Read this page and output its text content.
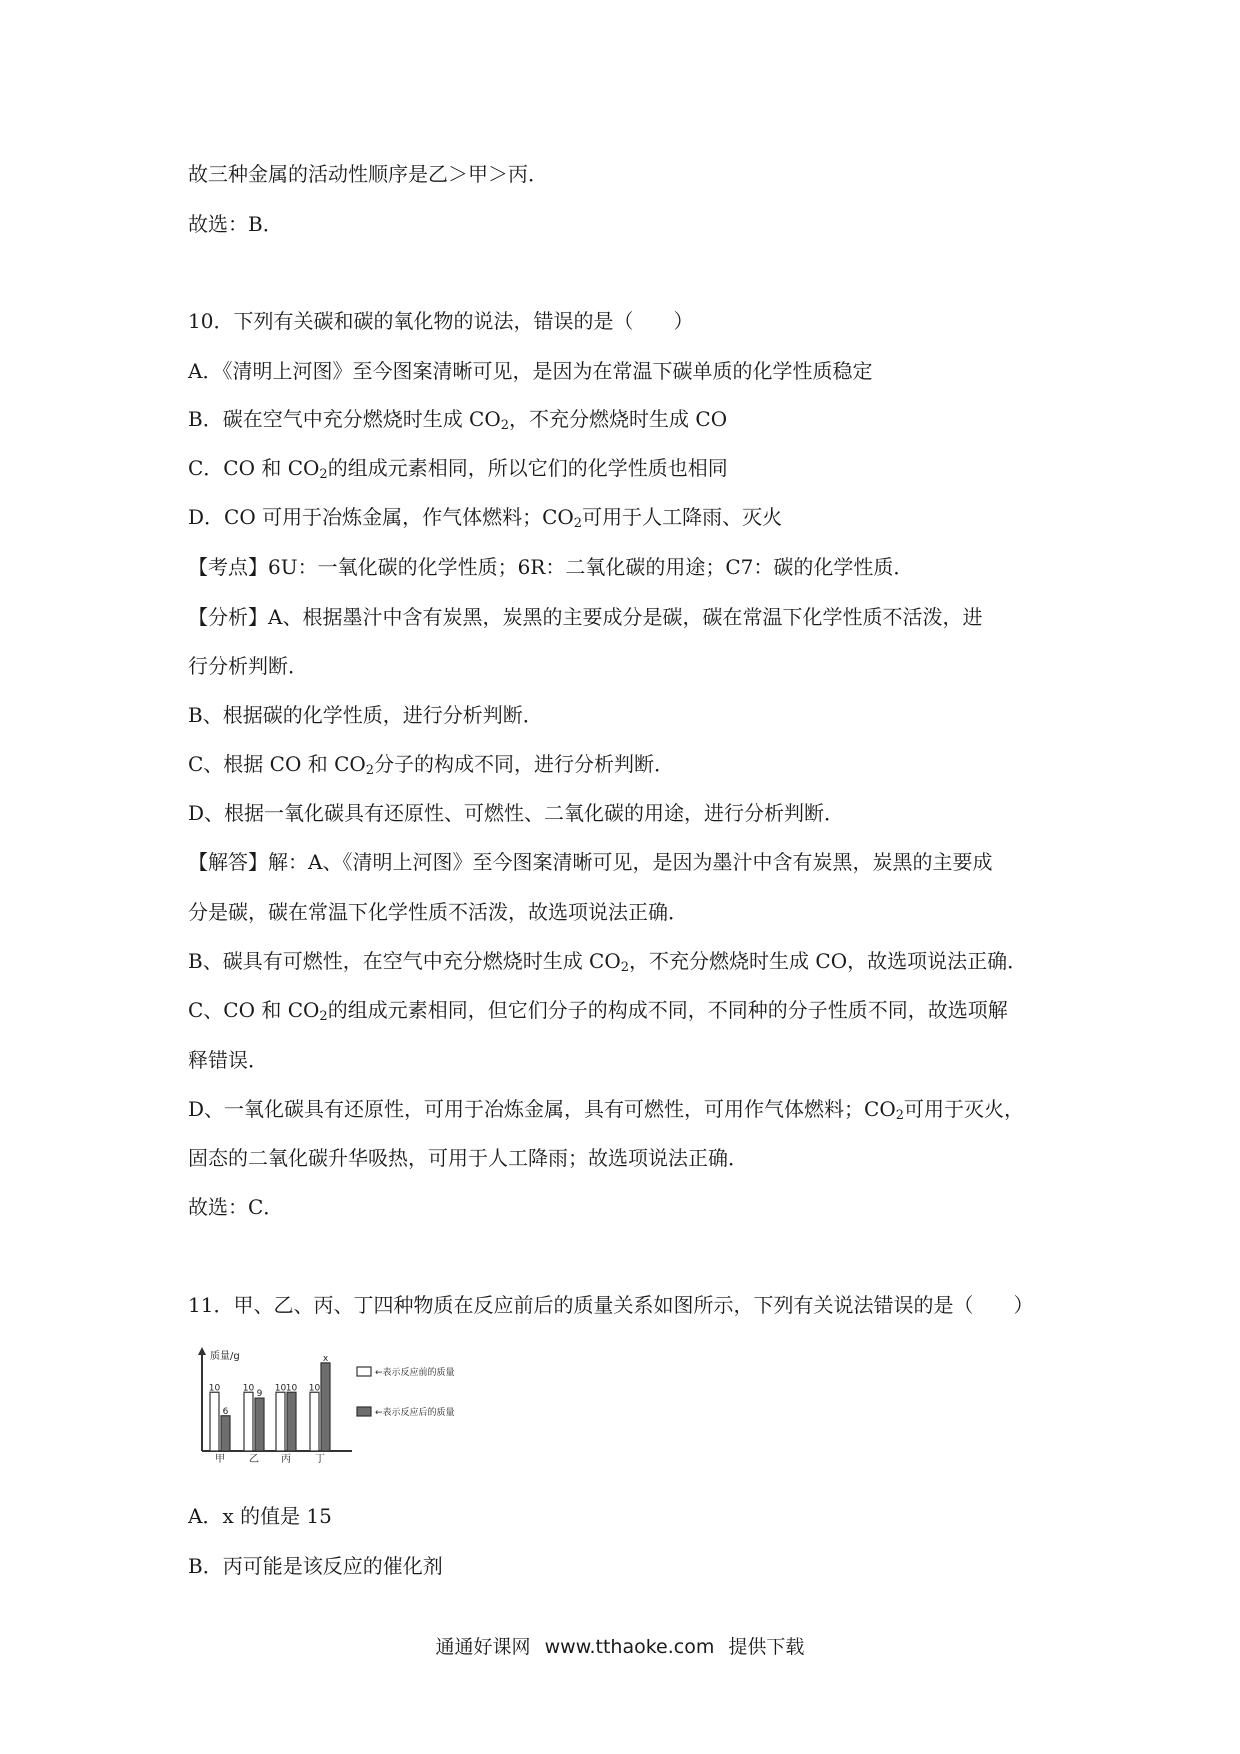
故三种金属的活动性顺序是乙＞甲＞丙．

故选：B．

10．下列有关碳和碳的氧化物的说法，错误的是（　　）

A．《清明上河图》至今图案清晰可见，是因为在常温下碳单质的化学性质稳定

B．碳在空气中充分燃烧时生成 $CO_2$，不充分燃烧时生成 CO

C．CO 和 $CO_2$的组成元素相同，所以它们的化学性质也相同

D．CO 可用于冶炼金属，作气体燃料；$CO_2$可用于人工降雨、灭火

【考点】6U：一氧化碳的化学性质；6R：二氧化碳的用途；C7：碳的化学性质．

【分析】A、根据墨汁中含有炭黑，炭黑的主要成分是碳，碳在常温下化学性质不活泼，进

行分析判断．

B、根据碳的化学性质，进行分析判断．

C、根据 CO 和 $CO_2$分子的构成不同，进行分析判断．

D、根据一氧化碳具有还原性、可燃性、二氧化碳的用途，进行分析判断．

【解答】解：A、《清明上河图》至今图案清晰可见，是因为墨汁中含有炭黑，炭黑的主要成

分是碳，碳在常温下化学性质不活泼，故选项说法正确．

B、碳具有可燃性，在空气中充分燃烧时生成 $CO_2$，不充分燃烧时生成 CO，故选项说法正确．

C、CO 和 $CO_2$的组成元素相同，但它们分子的构成不同，不同种的分子性质不同，故选项解

释错误．

D、一氧化碳具有还原性，可用于冶炼金属，具有可燃性，可用作气体燃料；$CO_2$可用于灭火，

固态的二氧化碳升华吸热，可用于人工降雨；故选项说法正确．

故选：C．

11．甲、乙、丙、丁四种物质在反应前后的质量关系如图所示，下列有关说法错误的是（　　）

质量/g
10
6
甲
10
9
乙
10 10
丙
10
x
丁
←表示反应前的质量
←表示反应后的质量

A．x 的值是 15

B．丙可能是该反应的催化剂

通通好课网 www.tthaoke.com 提供下载
